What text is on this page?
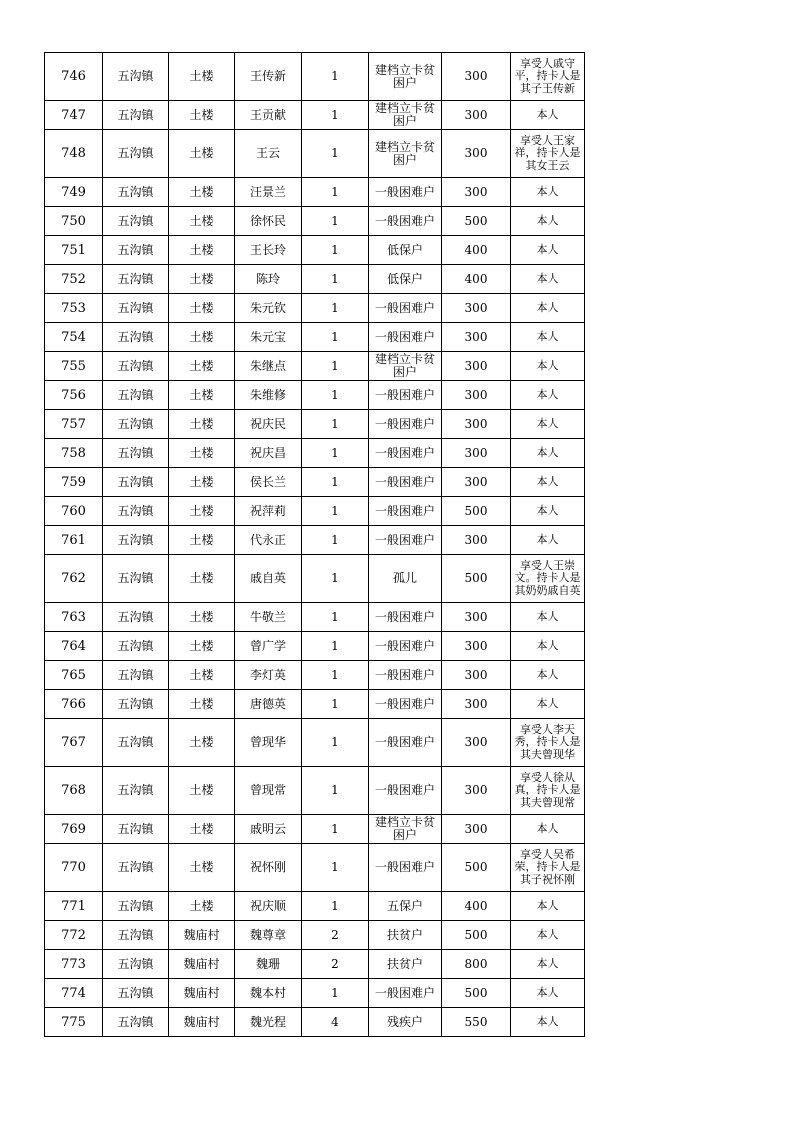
746	五沟镇	土楼	王传新	1	建档立卡贫困户	300	享受人戚守平，持卡人是其子王传新
747	五沟镇	土楼	王贡献	1	建档立卡贫困户	300	本人
748	五沟镇	土楼	王云	1	建档立卡贫困户	300	享受人王家祥，持卡人是其女王云
749	五沟镇	土楼	汪景兰	1	一般困难户	300	本人
750	五沟镇	土楼	徐怀民	1	一般困难户	500	本人
751	五沟镇	土楼	王长玲	1	低保户	400	本人
752	五沟镇	土楼	陈玲	1	低保户	400	本人
753	五沟镇	土楼	朱元钦	1	一般困难户	300	本人
754	五沟镇	土楼	朱元宝	1	一般困难户	300	本人
755	五沟镇	土楼	朱继点	1	建档立卡贫困户	300	本人
756	五沟镇	土楼	朱维修	1	一般困难户	300	本人
757	五沟镇	土楼	祝庆民	1	一般困难户	300	本人
758	五沟镇	土楼	祝庆昌	1	一般困难户	300	本人
759	五沟镇	土楼	侯长兰	1	一般困难户	300	本人
760	五沟镇	土楼	祝萍莉	1	一般困难户	500	本人
761	五沟镇	土楼	代永正	1	一般困难户	300	本人
762	五沟镇	土楼	戚自英	1	孤儿	500	享受人王崇文。持卡人是其奶奶戚自英
763	五沟镇	土楼	牛敬兰	1	一般困难户	300	本人
764	五沟镇	土楼	曾广学	1	一般困难户	300	本人
765	五沟镇	土楼	李灯英	1	一般困难户	300	本人
766	五沟镇	土楼	唐德英	1	一般困难户	300	本人
767	五沟镇	土楼	曾现华	1	一般困难户	300	享受人李天秀，持卡人是其夫曾现华
768	五沟镇	土楼	曾现常	1	一般困难户	300	享受人徐从真，持卡人是其夫曾现常
769	五沟镇	土楼	戚明云	1	建档立卡贫困户	300	本人
770	五沟镇	土楼	祝怀刚	1	一般困难户	500	享受人吴希荣，持卡人是其子祝怀刚
771	五沟镇	土楼	祝庆顺	1	五保户	400	本人
772	五沟镇	魏庙村	魏尊章	2	扶贫户	500	本人
773	五沟镇	魏庙村	魏珊	2	扶贫户	800	本人
774	五沟镇	魏庙村	魏本村	1	一般困难户	500	本人
775	五沟镇	魏庙村	魏光程	4	残疾户	550	本人
